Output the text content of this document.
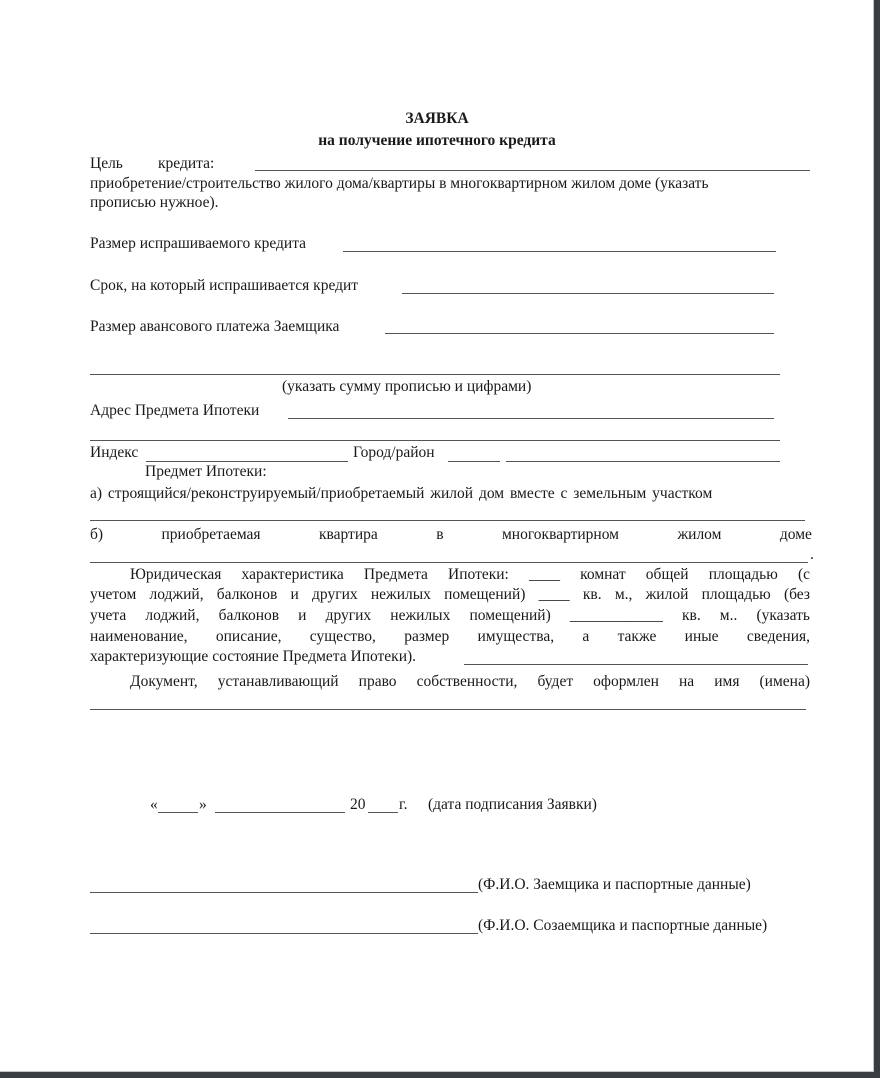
ЗАЯВКА
на получение ипотечного кредита
Цель кредита:
приобретение/строительство жилого дома/квартиры в многоквартирном жилом доме (указать
прописью нужное).
Размер испрашиваемого кредита
Срок, на который испрашивается кредит
Размер авансового платежа Заемщика
(указать сумму прописью и цифрами)
Адрес Предмета Ипотеки
Индекс	Город/район
Предмет Ипотеки:
а) строящийся/реконструируемый/приобретаемый жилой дом вместе с земельным участком
б)	приобретаемая	квартира	в	многоквартирном	жилом	доме
.
Юридическая характеристика Предмета Ипотеки: ____ комнат общей площадью (с
учетом лоджий, балконов и других нежилых помещений) ____ кв. м., жилой площадью (без
учета лоджий, балконов и других нежилых помещений) ____________ кв. м.. (указать
наименование, описание, существо, размер имущества, а также иные сведения,
характеризующие состояние Предмета Ипотеки).
Документ, устанавливающий право собственности, будет оформлен на имя (имена)
«	»	20 г. (дата подписания Заявки)
(Ф.И.О. Заемщика и паспортные данные)
(Ф.И.О. Созаемщика и паспортные данные)
